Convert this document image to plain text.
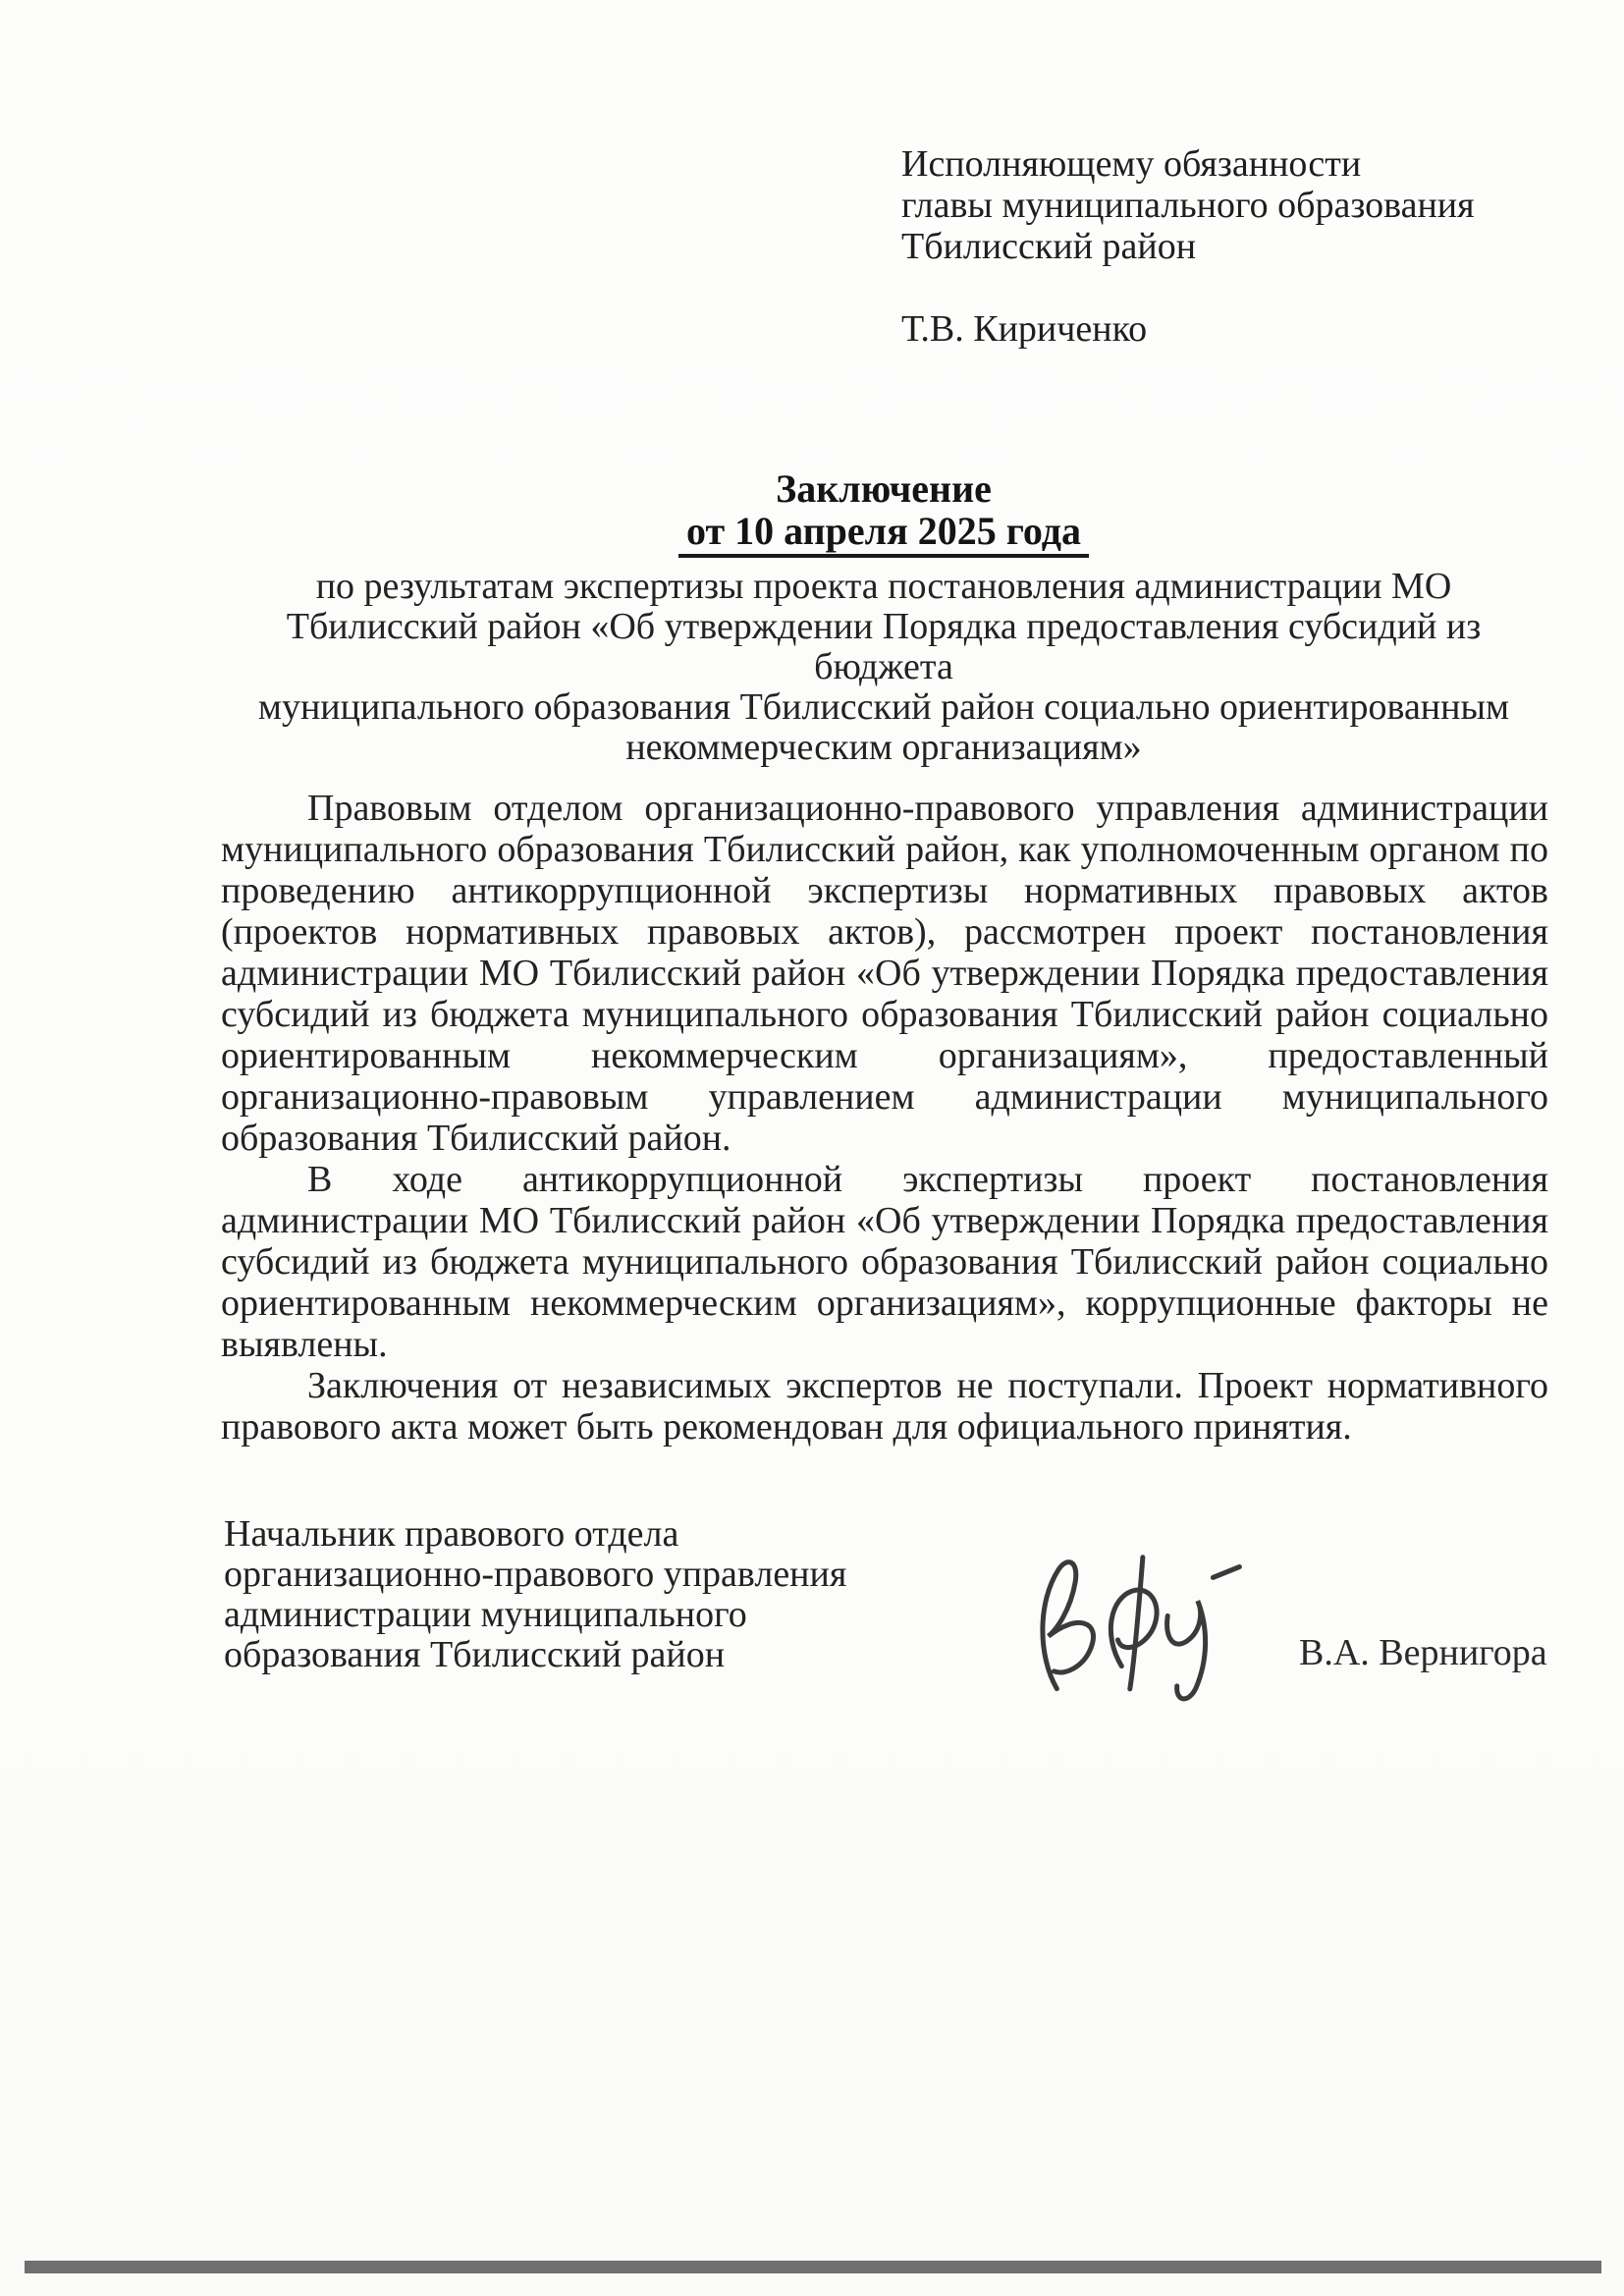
Исполняющему обязанности
главы муниципального образования
Тбилисский район
Т.В. Кириченко
Заключение
от 10 апреля 2025 года
по результатам экспертизы проекта постановления администрации МО
Тбилисский район «Об утверждении Порядка предоставления субсидий из бюджета
муниципального образования Тбилисский район социально ориентированным
некоммерческим организациям»

Правовым отделом организационно-правового управления администрации муниципального образования Тбилисский район, как уполномоченным органом по проведению антикоррупционной экспертизы нормативных правовых актов (проектов нормативных правовых актов), рассмотрен проект постановления администрации МО Тбилисский район «Об утверждении Порядка предоставления субсидий из бюджета муниципального образования Тбилисский район социально ориентированным некоммерческим организациям», предоставленный организационно-правовым управлением администрации муниципального образования Тбилисский район.

В ходе антикоррупционной экспертизы проект постановления администрации МО Тбилисский район «Об утверждении Порядка предоставления субсидий из бюджета муниципального образования Тбилисский район социально ориентированным некоммерческим организациям», коррупционные факторы не выявлены.

Заключения от независимых экспертов не поступали. Проект нормативного правового акта может быть рекомендован для официального принятия.

Начальник правового отдела
организационно-правового управления
администрации муниципального
образования Тбилисский район	В.А. Вернигора
